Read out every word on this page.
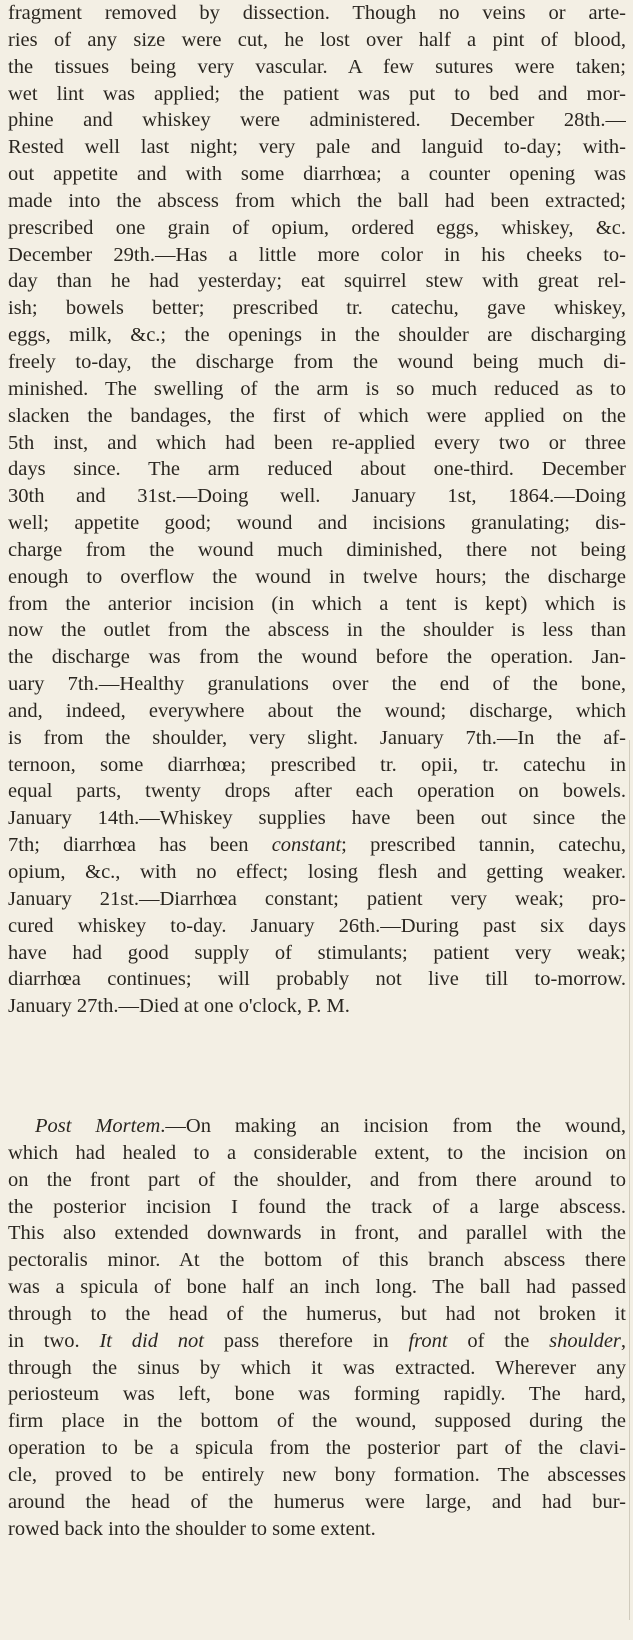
fragment removed by dissection. Though no veins or arte-
ries of any size were cut, he lost over half a pint of blood,
the tissues being very vascular. A few sutures were taken;
wet lint was applied; the patient was put to bed and mor-
phine and whiskey were administered. December 28th.—
Rested well last night; very pale and languid to-day; with-
out appetite and with some diarrhœa; a counter opening was
made into the abscess from which the ball had been extracted;
prescribed one grain of opium, ordered eggs, whiskey, &c.
December 29th.—Has a little more color in his cheeks to-
day than he had yesterday; eat squirrel stew with great rel-
ish; bowels better; prescribed tr. catechu, gave whiskey,
eggs, milk, &c.; the openings in the shoulder are discharging
freely to-day, the discharge from the wound being much di-
minished. The swelling of the arm is so much reduced as to
slacken the bandages, the first of which were applied on the
5th inst, and which had been re-applied every two or three
days since. The arm reduced about one-third. December
30th and 31st.—Doing well. January 1st, 1864.—Doing
well; appetite good; wound and incisions granulating; dis-
charge from the wound much diminished, there not being
enough to overflow the wound in twelve hours; the discharge
from the anterior incision (in which a tent is kept) which is
now the outlet from the abscess in the shoulder is less than
the discharge was from the wound before the operation. Jan-
uary 7th.—Healthy granulations over the end of the bone,
and, indeed, everywhere about the wound; discharge, which
is from the shoulder, very slight. January 7th.—In the af-
ternoon, some diarrhœa; prescribed tr. opii, tr. catechu in
equal parts, twenty drops after each operation on bowels.
January 14th.—Whiskey supplies have been out since the
7th; diarrhœa has been constant; prescribed tannin, catechu,
opium, &c., with no effect; losing flesh and getting weaker.
January 21st.—Diarrhœa constant; patient very weak; pro-
cured whiskey to-day. January 26th.—During past six days
have had good supply of stimulants; patient very weak;
diarrhœa continues; will probably not live till to-morrow.
January 27th.—Died at one o'clock, P. M.
Post Mortem.—On making an incision from the wound,
which had healed to a considerable extent, to the incision on
on the front part of the shoulder, and from there around to
the posterior incision I found the track of a large abscess.
This also extended downwards in front, and parallel with the
pectoralis minor. At the bottom of this branch abscess there
was a spicula of bone half an inch long. The ball had passed
through to the head of the humerus, but had not broken it
in two. It did not pass therefore in front of the shoulder,
through the sinus by which it was extracted. Wherever any
periosteum was left, bone was forming rapidly. The hard,
firm place in the bottom of the wound, supposed during the
operation to be a spicula from the posterior part of the clavi-
cle, proved to be entirely new bony formation. The abscesses
around the head of the humerus were large, and had bur-
rowed back into the shoulder to some extent.
